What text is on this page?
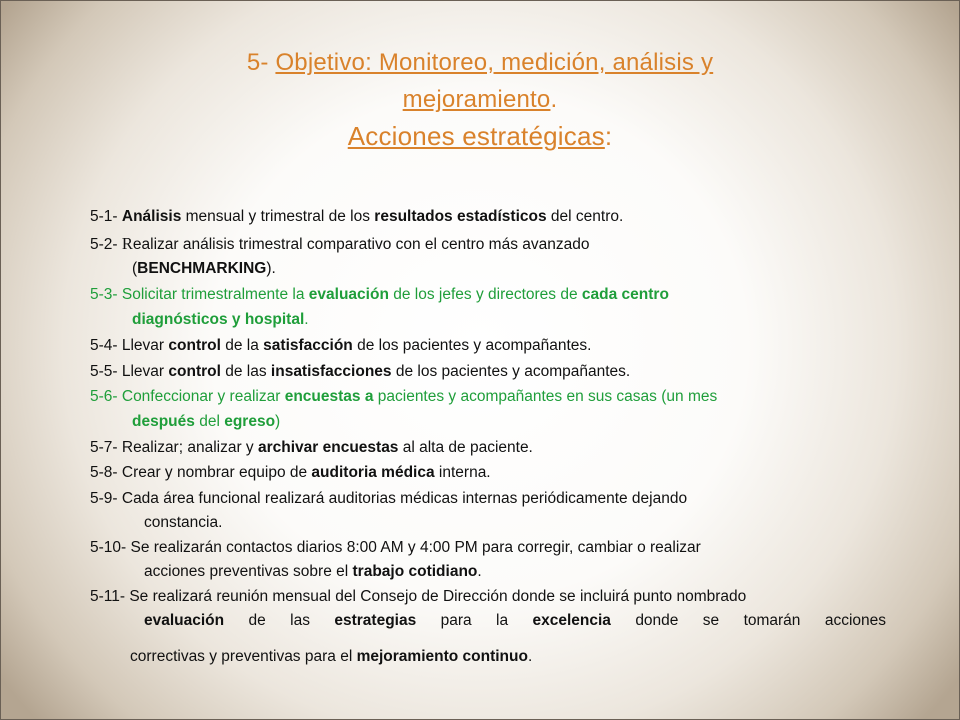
5- Objetivo: Monitoreo, medición, análisis y
mejoramiento.
Acciones estratégicas:
5-1- Análisis mensual y trimestral de los resultados estadísticos del centro.
5-2- Realizar análisis trimestral comparativo con el centro más avanzado
(BENCHMARKING).
5-3- Solicitar trimestralmente la evaluación de los jefes y directores de cada centro
diagnósticos y hospital.
5-4- Llevar control de la satisfacción de los pacientes y acompañantes.
5-5- Llevar control de las insatisfacciones de los pacientes y acompañantes.
5-6- Confeccionar y realizar encuestas a pacientes y acompañantes en sus casas (un mes
después del egreso)
5-7- Realizar; analizar y archivar encuestas al alta de paciente.
5-8- Crear y nombrar equipo de auditoria médica interna.
5-9- Cada área funcional realizará auditorias médicas internas periódicamente dejando
constancia.
5-10- Se realizarán contactos diarios 8:00 AM y 4:00 PM para corregir, cambiar o realizar
acciones preventivas sobre el trabajo cotidiano.
5-11- Se realizará reunión mensual del Consejo de Dirección donde se incluirá punto nombrado
evaluación de las estrategias para la excelencia donde se tomarán acciones
correctivas y preventivas para el mejoramiento continuo.
